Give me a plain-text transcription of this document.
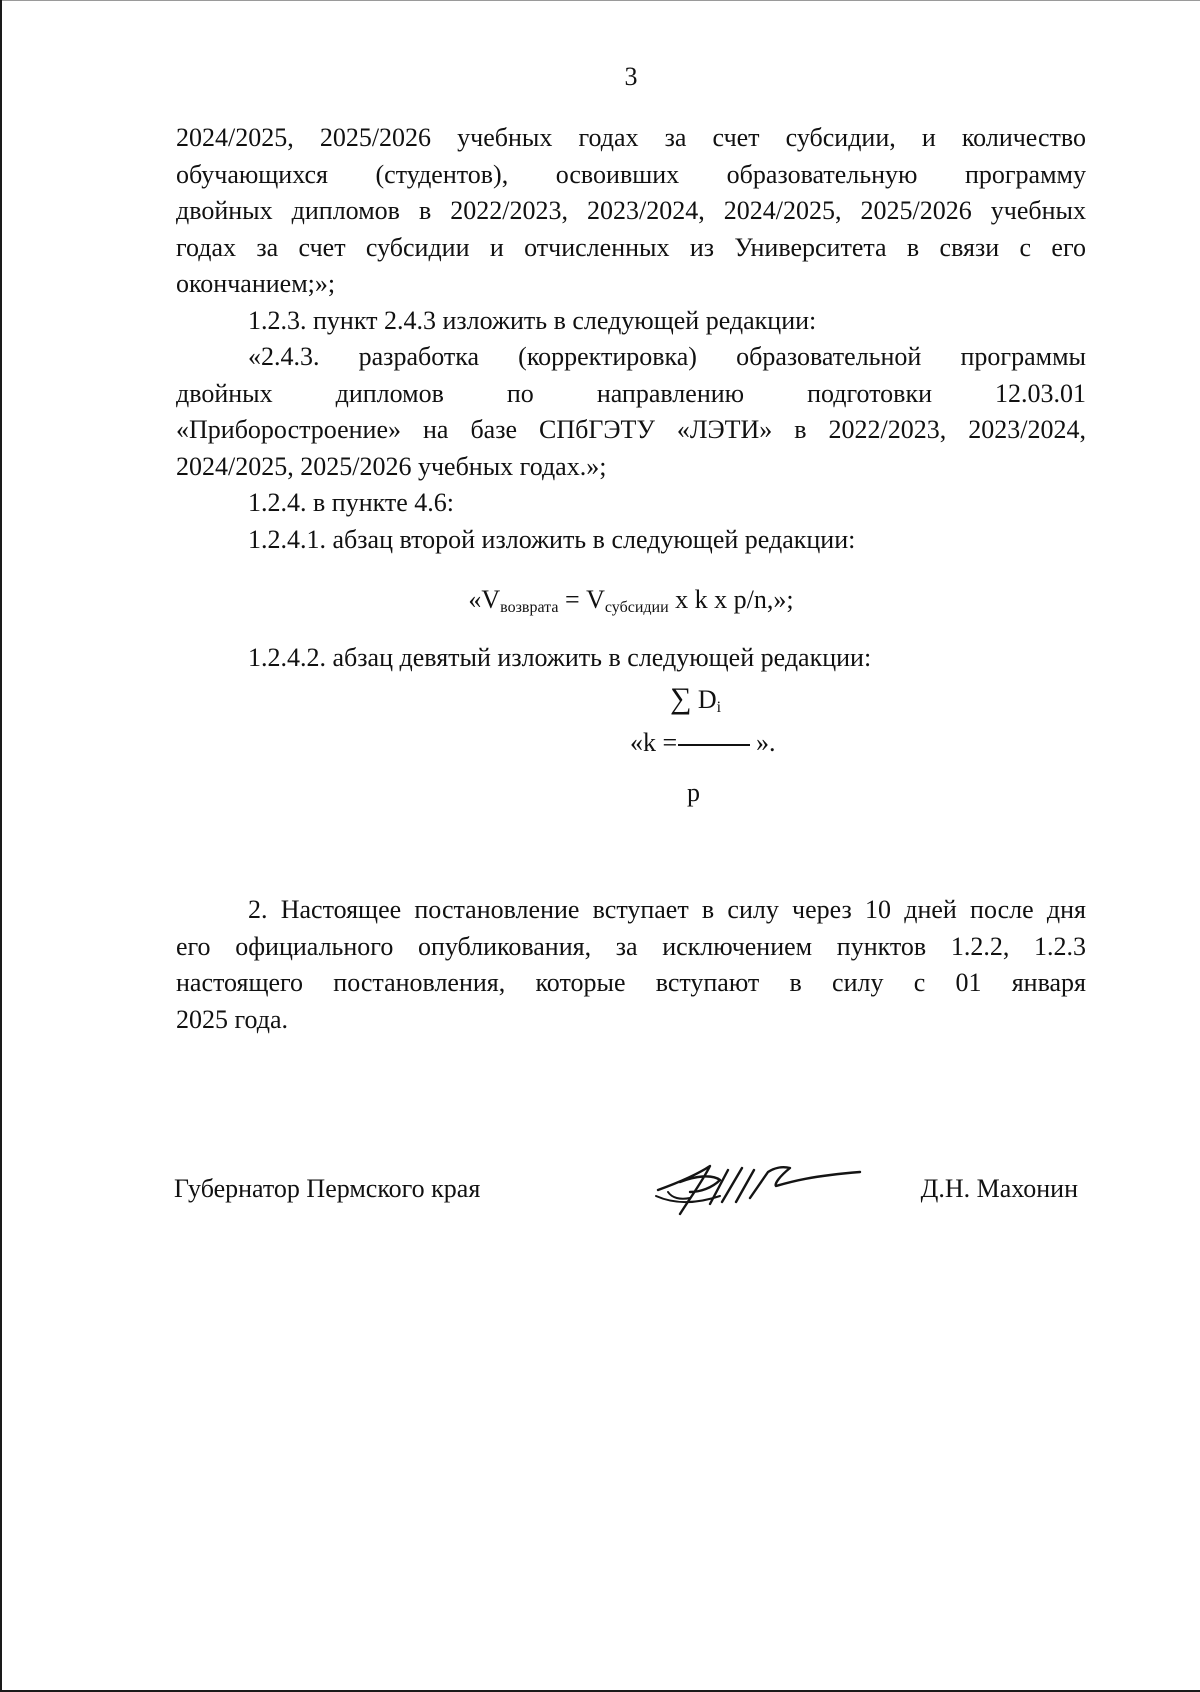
3

2024/2025, 2025/2026 учебных годах за счет субсидии, и количество

обучающихся (студентов), освоивших образовательную программу

двойных дипломов в 2022/2023, 2023/2024, 2024/2025, 2025/2026 учебных

годах за счет субсидии и отчисленных из Университета в связи с его

окончанием;»;

1.2.3. пункт 2.4.3 изложить в следующей редакции:

«2.4.3. разработка (корректировка) образовательной программы

двойных дипломов по направлению подготовки 12.03.01

«Приборостроение» на базе СПбГЭТУ «ЛЭТИ» в 2022/2023, 2023/2024,

2024/2025, 2025/2026 учебных годах.»;

1.2.4. в пункте 4.6:

1.2.4.1. абзац второй изложить в следующей редакции:

«$V_{возврата} = V_{субсидии}$ х k х p/n,»;

1.2.4.2. абзац девятый изложить в следующей редакции:

∑ $D_i$
«k =	».
p

2. Настоящее постановление вступает в силу через 10 дней после дня

его официального опубликования, за исключением пунктов 1.2.2, 1.2.3

настоящего постановления, которые вступают в силу с 01 января

2025 года.

Губернатор Пермского края	Д.Н. Махонин
